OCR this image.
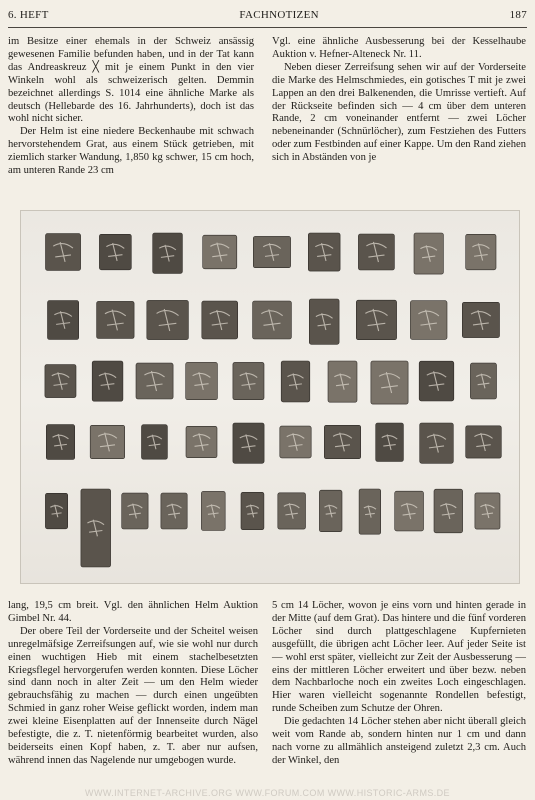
6. HEFT	FACHNOTIZEN	187

im Besitze einer ehemals in der Schweiz ansässig gewesenen Familie befunden haben, und in der Tat kann das Andreaskreuz ╳ mit je einem Punkt in den vier Winkeln wohl als schweizerisch gelten. Demmin bezeichnet allerdings S. 1014 eine ähnliche Marke als deutsch (Hellebarde des 16. Jahrhunderts), doch ist das wohl nicht sicher.

Der Helm ist eine niedere Beckenhaube mit schwach hervorstehendem Grat, aus einem Stück getrieben, mit ziemlich starker Wandung, 1,850 kg schwer, 15 cm hoch, am unteren Rande 23 cm

Vgl. eine ähnliche Ausbesserung bei der Kesselhaube Auktion v. Hefner-Alteneck Nr. 11.

Neben dieser Zerreifsung sehen wir auf der Vorderseite die Marke des Helmschmiedes, ein gotisches T mit je zwei Lappen an den drei Balkenenden, die Umrisse vertieft. Auf der Rückseite befinden sich — 4 cm über dem unteren Rande, 2 cm voneinander entfernt — zwei Löcher nebeneinander (Schnürlöcher), zum Festziehen des Futters oder zum Festbinden auf einer Kappe. Um den Rand ziehen sich in Abständen von je

lang, 19,5 cm breit. Vgl. den ähnlichen Helm Auktion Gimbel Nr. 44.

Der obere Teil der Vorderseite und der Scheitel weisen unregelmäfsige Zerreifsungen auf, wie sie wohl nur durch einen wuchtigen Hieb mit einem stachelbesetzten Kriegsflegel hervorgerufen werden konnten. Diese Löcher sind dann noch in alter Zeit — um den Helm wieder gebrauchsfähig zu machen — durch einen ungeübten Schmied in ganz roher Weise geflickt worden, indem man zwei kleine Eisenplatten auf der Innenseite durch Nägel befestigte, die z. T. nietenförmig bearbeitet wurden, also beiderseits einen Kopf haben, z. T. aber nur aufsen, während innen das Nagelende nur umgebogen wurde.

5 cm 14 Löcher, wovon je eins vorn und hinten gerade in der Mitte (auf dem Grat). Das hintere und die fünf vorderen Löcher sind durch plattgeschlagene Kupfernieten ausgefüllt, die übrigen acht Löcher leer. Auf jeder Seite ist — wohl erst später, vielleicht zur Zeit der Ausbesserung — eins der mittleren Löcher erweitert und über bezw. neben dem Nachbarloche noch ein zweites Loch eingeschlagen. Hier waren vielleicht sogenannte Rondellen befestigt, runde Scheiben zum Schutze der Ohren.

Die gedachten 14 Löcher stehen aber nicht überall gleich weit vom Rande ab, sondern hinten nur 1 cm und dann nach vorne zu allmählich ansteigend zuletzt 2,3 cm. Auch der Winkel, den

WWW.INTERNET-ARCHIVE.ORG WWW.FORUM.COM WWW.HISTORIC-ARMS.DE
